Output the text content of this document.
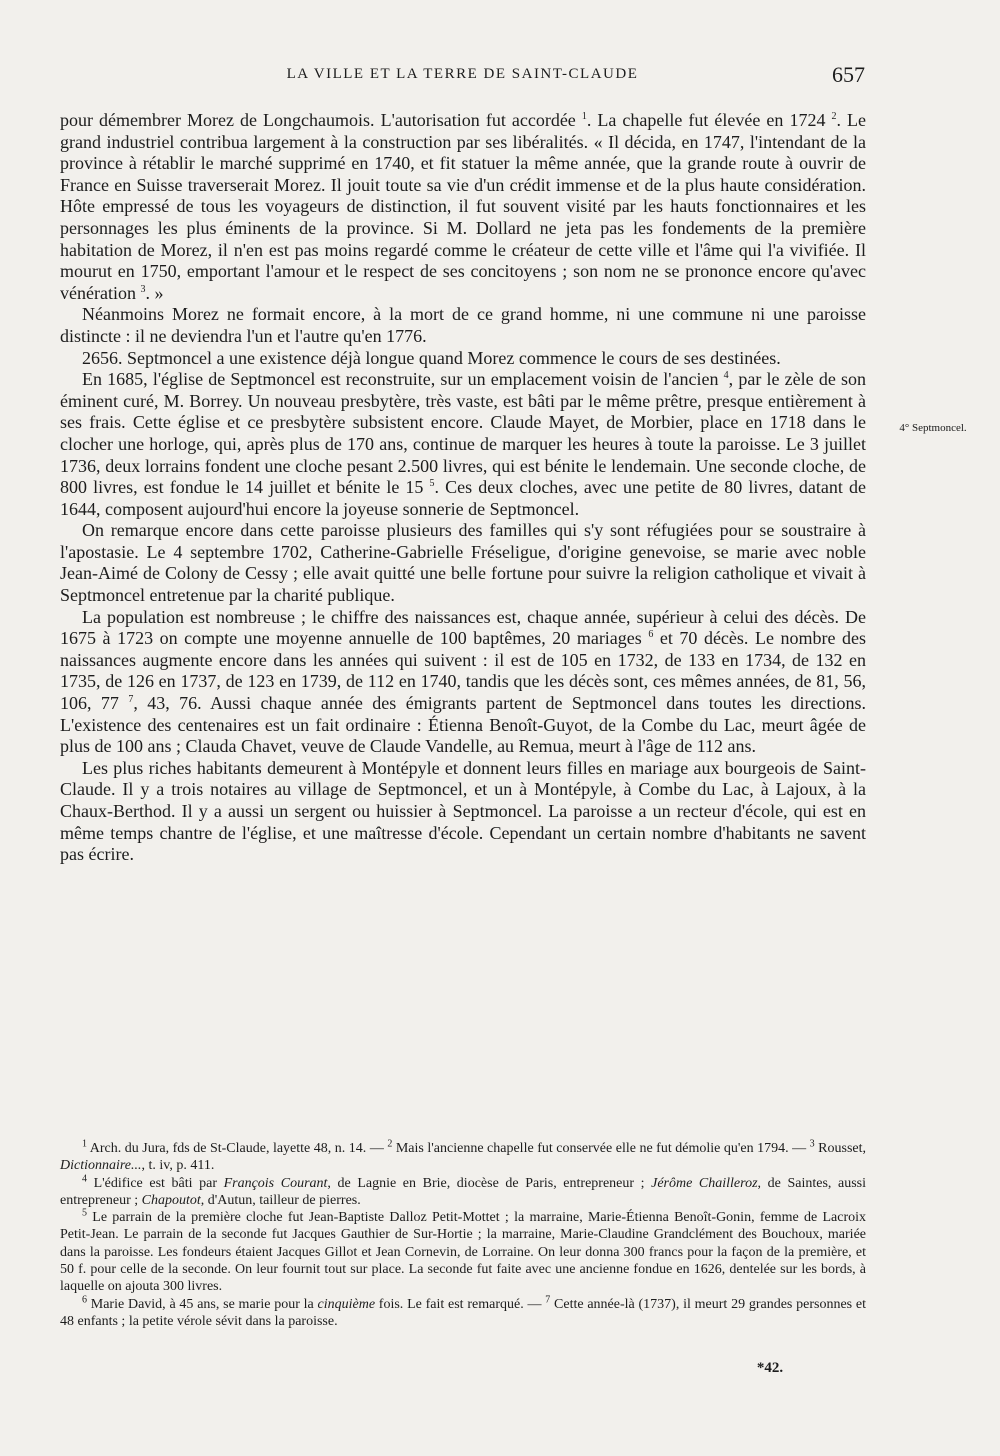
LA VILLE ET LA TERRE DE SAINT-CLAUDE	657

pour démembrer Morez de Longchaumois. L'autorisation fut accordée $^1$. La chapelle fut élevée en 1724 $^2$. Le grand industriel contribua largement à la construction par ses libéralités. « Il décida, en 1747, l'intendant de la province à rétablir le marché supprimé en 1740, et fit statuer la même année, que la grande route à ouvrir de France en Suisse traverserait Morez. Il jouit toute sa vie d'un crédit immense et de la plus haute considération. Hôte empressé de tous les voyageurs de distinction, il fut souvent visité par les hauts fonctionnaires et les personnages les plus éminents de la province. Si M. Dollard ne jeta pas les fondements de la première habitation de Morez, il n'en est pas moins regardé comme le créateur de cette ville et l'âme qui l'a vivifiée. Il mourut en 1750, emportant l'amour et le respect de ses concitoyens ; son nom ne se prononce encore qu'avec vénération $^3$. »

Néanmoins Morez ne formait encore, à la mort de ce grand homme, ni une commune ni une paroisse distincte : il ne deviendra l'un et l'autre qu'en 1776.

2656. Septmoncel a une existence déjà longue quand Morez commence le cours de ses destinées.

En 1685, l'église de Septmoncel est reconstruite, sur un emplacement voisin de l'ancien $^4$, par le zèle de son éminent curé, M. Borrey. Un nouveau presbytère, très vaste, est bâti par le même prêtre, presque entièrement à ses frais. Cette église et ce presbytère subsistent encore. Claude Mayet, de Morbier, place en 1718 dans le clocher une horloge, qui, après plus de 170 ans, continue de marquer les heures à toute la paroisse. Le 3 juillet 1736, deux lorrains fondent une cloche pesant 2.500 livres, qui est bénite le lendemain. Une seconde cloche, de 800 livres, est fondue le 14 juillet et bénite le 15 $^5$. Ces deux cloches, avec une petite de 80 livres, datant de 1644, composent aujourd'hui encore la joyeuse sonnerie de Septmoncel.

On remarque encore dans cette paroisse plusieurs des familles qui s'y sont réfugiées pour se soustraire à l'apostasie. Le 4 septembre 1702, Catherine-Gabrielle Fréseligue, d'origine genevoise, se marie avec noble Jean-Aimé de Colony de Cessy ; elle avait quitté une belle fortune pour suivre la religion catholique et vivait à Septmoncel entretenue par la charité publique.

La population est nombreuse ; le chiffre des naissances est, chaque année, supérieur à celui des décès. De 1675 à 1723 on compte une moyenne annuelle de 100 baptêmes, 20 mariages $^6$ et 70 décès. Le nombre des naissances augmente encore dans les années qui suivent : il est de 105 en 1732, de 133 en 1734, de 132 en 1735, de 126 en 1737, de 123 en 1739, de 112 en 1740, tandis que les décès sont, ces mêmes années, de 81, 56, 106, 77 $^7$, 43, 76. Aussi chaque année des émigrants partent de Septmoncel dans toutes les directions. L'existence des centenaires est un fait ordinaire : Étienna Benoît-Guyot, de la Combe du Lac, meurt âgée de plus de 100 ans ; Clauda Chavet, veuve de Claude Vandelle, au Remua, meurt à l'âge de 112 ans.

Les plus riches habitants demeurent à Montépyle et donnent leurs filles en mariage aux bourgeois de Saint-Claude. Il y a trois notaires au village de Septmoncel, et un à Montépyle, à Combe du Lac, à Lajoux, à la Chaux-Berthod. Il y a aussi un sergent ou huissier à Septmoncel. La paroisse a un recteur d'école, qui est en même temps chantre de l'église, et une maîtresse d'école. Cependant un certain nombre d'habitants ne savent pas écrire.

4° Septmoncel.

$^1$ Arch. du Jura, fds de St-Claude, layette 48, n. 14. — $^2$ Mais l'ancienne chapelle fut conservée elle ne fut démolie qu'en 1794. — $^3$ Rousset, Dictionnaire..., t. iv, p. 411.

$^4$ L'édifice est bâti par François Courant, de Lagnie en Brie, diocèse de Paris, entrepreneur ; Jérôme Chailleroz, de Saintes, aussi entrepreneur ; Chapoutot, d'Autun, tailleur de pierres.

$^5$ Le parrain de la première cloche fut Jean-Baptiste Dalloz Petit-Mottet ; la marraine, Marie-Étienna Benoît-Gonin, femme de Lacroix Petit-Jean. Le parrain de la seconde fut Jacques Gauthier de Sur-Hortie ; la marraine, Marie-Claudine Grandclément des Bouchoux, mariée dans la paroisse. Les fondeurs étaient Jacques Gillot et Jean Cornevin, de Lorraine. On leur donna 300 francs pour la façon de la première, et 50 f. pour celle de la seconde. On leur fournit tout sur place. La seconde fut faite avec une ancienne fondue en 1626, dentelée sur les bords, à laquelle on ajouta 300 livres.

$^6$ Marie David, à 45 ans, se marie pour la cinquième fois. Le fait est remarqué. — $^7$ Cette année-là (1737), il meurt 29 grandes personnes et 48 enfants ; la petite vérole sévit dans la paroisse.

*42.
